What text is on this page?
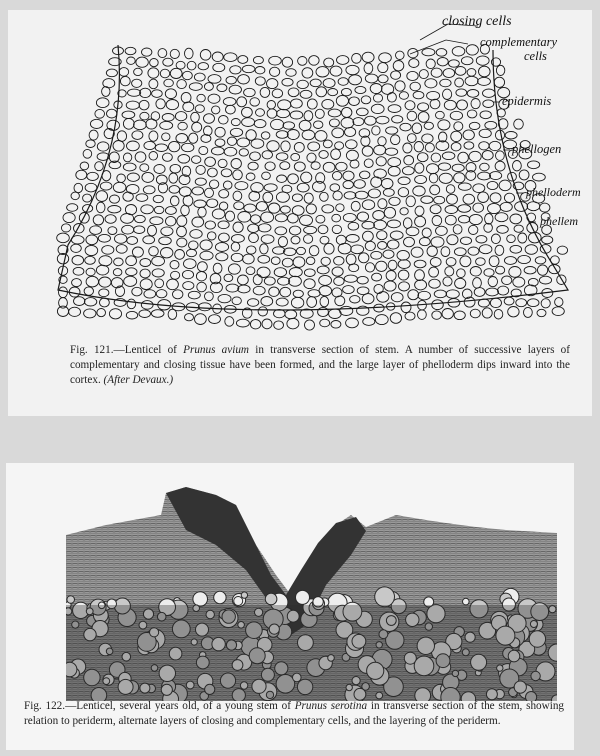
closing cells
complementary
cells
epidermis
phellogen
phelloderm
phellem
Fig. 121.—Lenticel of Prunus avium in transverse section of stem. A number of successive layers of complementary and closing tissue have been formed, and the large layer of phelloderm dips inward into the cortex. (After Devaux.)
Fig. 122.—Lenticel, several years old, of a young stem of Prunus serotina in transverse section of the stem, showing relation to periderm, alternate layers of closing and complementary cells, and the layering of the periderm.
